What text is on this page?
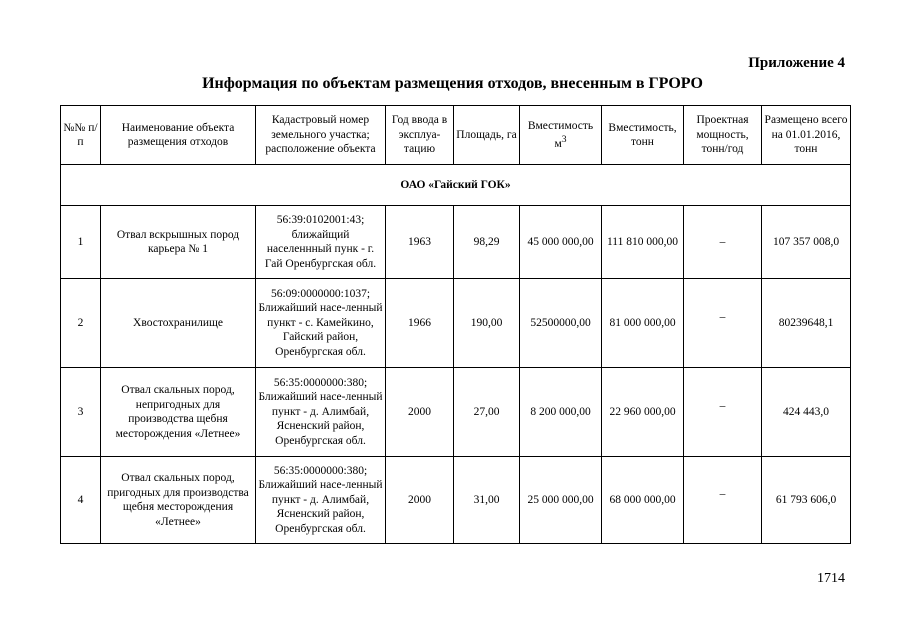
Приложение 4
Информация по объектам размещения отходов, внесенным в ГРОРО
№№ п/п	Наименование объекта размещения отходов	Кадастровый номер земельного участка; расположение объекта	Год ввода в эксплуа-тацию	Площадь, га	Вместимость $м^3$	Вместимость, тонн	Проектная мощность, тонн/год	Размещено всего на 01.01.2016, тонн
ОАО «Гайский ГОК»								
1	Отвал вскрышных пород карьера № 1	56:39:0102001:43; ближайщий населеннный пунк - г. Гай Оренбургская обл.	1963	98,29	45 000 000,00	111 810 000,00	–	107 357 008,0
2	Хвостохранилище	56:09:0000000:1037; Ближайший насе-ленный пункт - с. Камейкино, Гайский район, Оренбургская обл.	1966	190,00	52500000,00	81 000 000,00	–	80239648,1
3	Отвал скальных пород, непригодных для производства щебня месторождения «Летнее»	56:35:0000000:380; Ближайший насе-ленный пункт - д. Алимбай, Ясненский район, Оренбургская обл.	2000	27,00	8 200 000,00	22 960 000,00	–	424 443,0
4	Отвал скальных пород, пригодных для производства щебня месторождения «Летнее»	56:35:0000000:380; Ближайший насе-ленный пункт - д. Алимбай, Ясненский район, Оренбургская обл.	2000	31,00	25 000 000,00	68 000 000,00	–	61 793 606,0
1714
